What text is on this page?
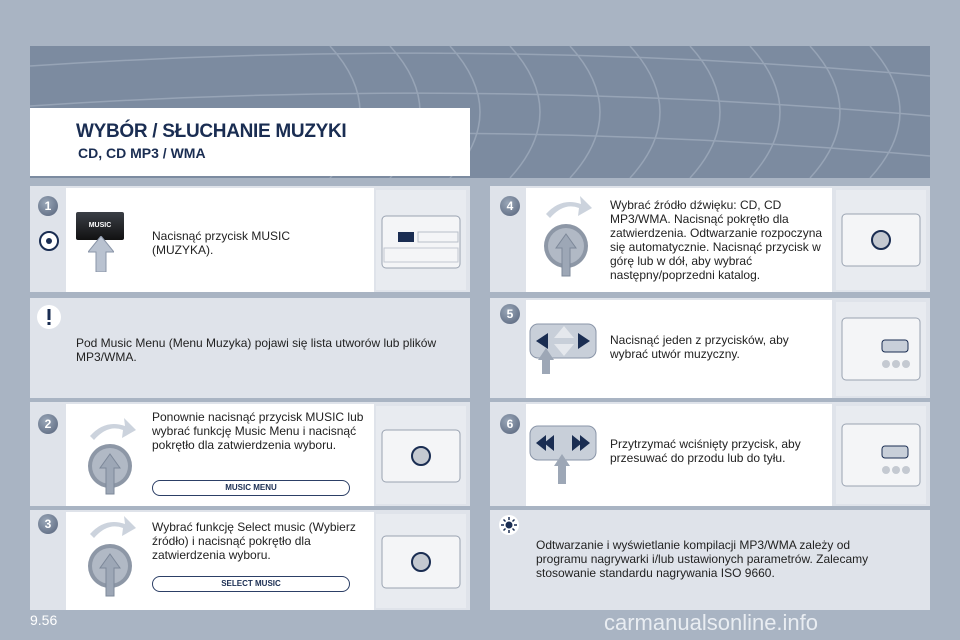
WYBÓR / SŁUCHANIE MUZYKI
CD, CD MP3 / WMA
1
MUSIC
Nacisnąć przycisk MUSIC (MUZYKA).
Pod Music Menu (Menu Muzyka) pojawi się lista utworów lub plików MP3/WMA.
2	Ponownie nacisnąć przycisk MUSIC lub wybrać funkcję Music Menu i nacisnąć pokrętło dla zatwierdzenia wyboru.
MUSIC MENU
3	Wybrać funkcję Select music (Wybierz źródło) i nacisnąć pokrętło dla zatwierdzenia wyboru.
SELECT MUSIC
4	Wybrać źródło dźwięku: CD, CD MP3/WMA. Nacisnąć pokrętło dla zatwierdzenia. Odtwarzanie rozpoczyna się automatycznie. Nacisnąć przycisk w górę lub w dół, aby wybrać następny/poprzedni katalog.
5
Nacisnąć jeden z przycisków, aby wybrać utwór muzyczny.
6
Przytrzymać wciśnięty przycisk, aby przesuwać do przodu lub do tyłu.
Odtwarzanie i wyświetlanie kompilacji MP3/WMA zależy od programu nagrywarki i/lub ustawionych parametrów. Zalecamy stosowanie standardu nagrywania ISO 9660.
9.56	carmanualsonline.info
